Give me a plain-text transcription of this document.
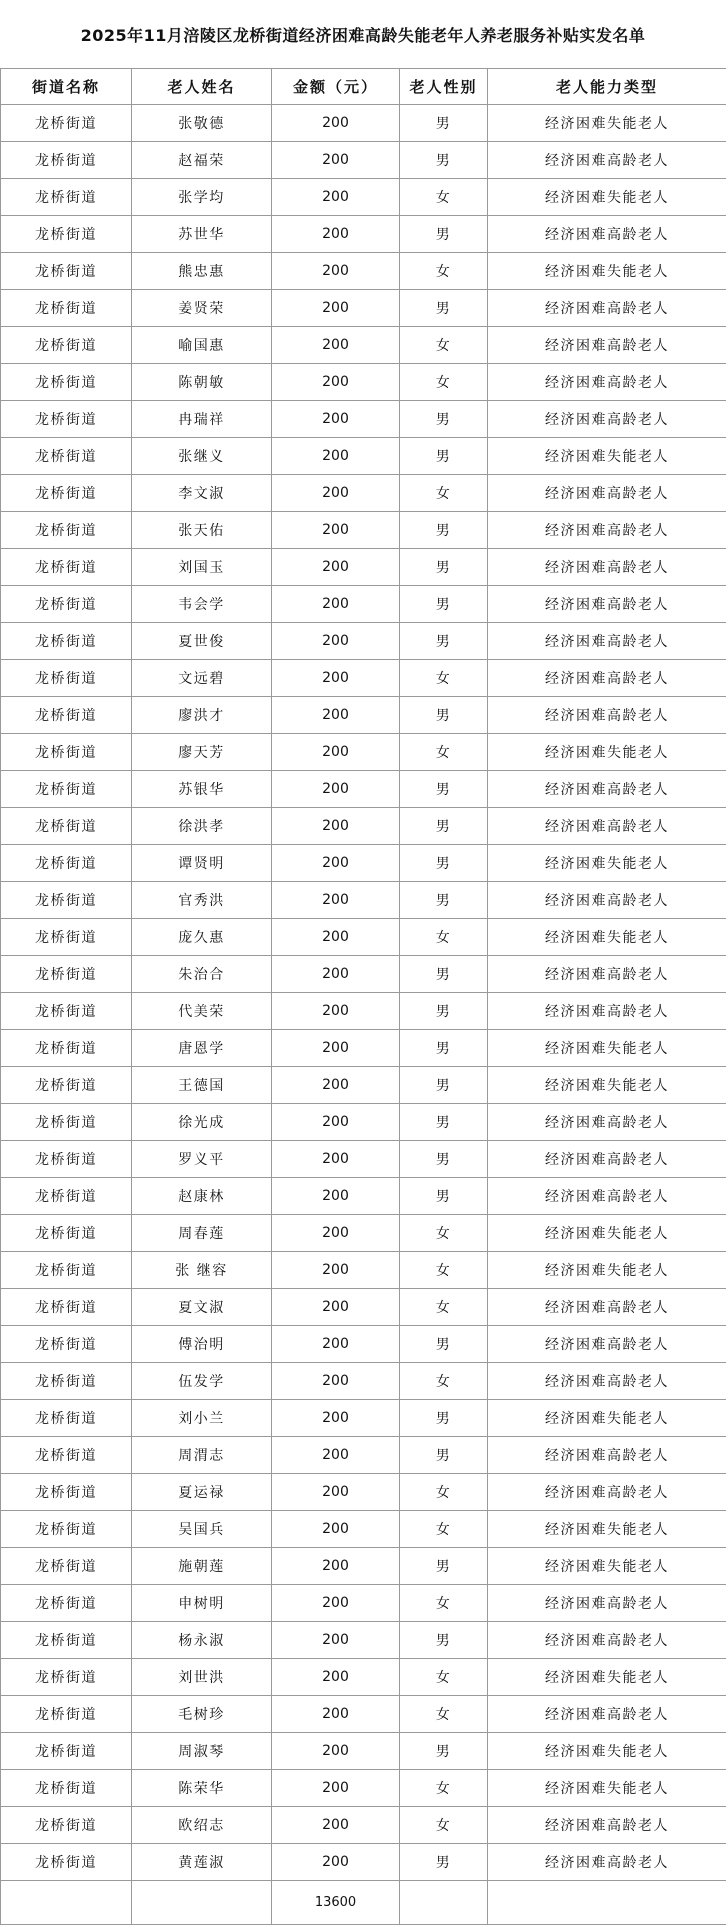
2025年11月涪陵区龙桥街道经济困难高龄失能老年人养老服务补贴实发名单
街道名称	老人姓名	金额（元）	老人性别	老人能力类型
龙桥街道	张敬德	200	男	经济困难失能老人
龙桥街道	赵福荣	200	男	经济困难高龄老人
龙桥街道	张学均	200	女	经济困难失能老人
龙桥街道	苏世华	200	男	经济困难高龄老人
龙桥街道	熊忠惠	200	女	经济困难失能老人
龙桥街道	姜贤荣	200	男	经济困难高龄老人
龙桥街道	喻国惠	200	女	经济困难高龄老人
龙桥街道	陈朝敏	200	女	经济困难高龄老人
龙桥街道	冉瑞祥	200	男	经济困难高龄老人
龙桥街道	张继义	200	男	经济困难失能老人
龙桥街道	李文淑	200	女	经济困难高龄老人
龙桥街道	张天佑	200	男	经济困难高龄老人
龙桥街道	刘国玉	200	男	经济困难高龄老人
龙桥街道	韦会学	200	男	经济困难高龄老人
龙桥街道	夏世俊	200	男	经济困难高龄老人
龙桥街道	文远碧	200	女	经济困难高龄老人
龙桥街道	廖洪才	200	男	经济困难高龄老人
龙桥街道	廖天芳	200	女	经济困难失能老人
龙桥街道	苏银华	200	男	经济困难高龄老人
龙桥街道	徐洪孝	200	男	经济困难高龄老人
龙桥街道	谭贤明	200	男	经济困难失能老人
龙桥街道	官秀洪	200	男	经济困难高龄老人
龙桥街道	庞久惠	200	女	经济困难失能老人
龙桥街道	朱治合	200	男	经济困难高龄老人
龙桥街道	代美荣	200	男	经济困难高龄老人
龙桥街道	唐恩学	200	男	经济困难失能老人
龙桥街道	王德国	200	男	经济困难失能老人
龙桥街道	徐光成	200	男	经济困难高龄老人
龙桥街道	罗义平	200	男	经济困难高龄老人
龙桥街道	赵康林	200	男	经济困难高龄老人
龙桥街道	周春莲	200	女	经济困难失能老人
龙桥街道	张 继容	200	女	经济困难失能老人
龙桥街道	夏文淑	200	女	经济困难高龄老人
龙桥街道	傅治明	200	男	经济困难高龄老人
龙桥街道	伍发学	200	女	经济困难高龄老人
龙桥街道	刘小兰	200	男	经济困难失能老人
龙桥街道	周渭志	200	男	经济困难高龄老人
龙桥街道	夏运禄	200	女	经济困难高龄老人
龙桥街道	吴国兵	200	女	经济困难失能老人
龙桥街道	施朝莲	200	男	经济困难失能老人
龙桥街道	申树明	200	女	经济困难高龄老人
龙桥街道	杨永淑	200	男	经济困难高龄老人
龙桥街道	刘世洪	200	女	经济困难失能老人
龙桥街道	毛树珍	200	女	经济困难高龄老人
龙桥街道	周淑琴	200	男	经济困难失能老人
龙桥街道	陈荣华	200	女	经济困难失能老人
龙桥街道	欧绍志	200	女	经济困难高龄老人
龙桥街道	黄莲淑	200	男	经济困难高龄老人
		13600		
